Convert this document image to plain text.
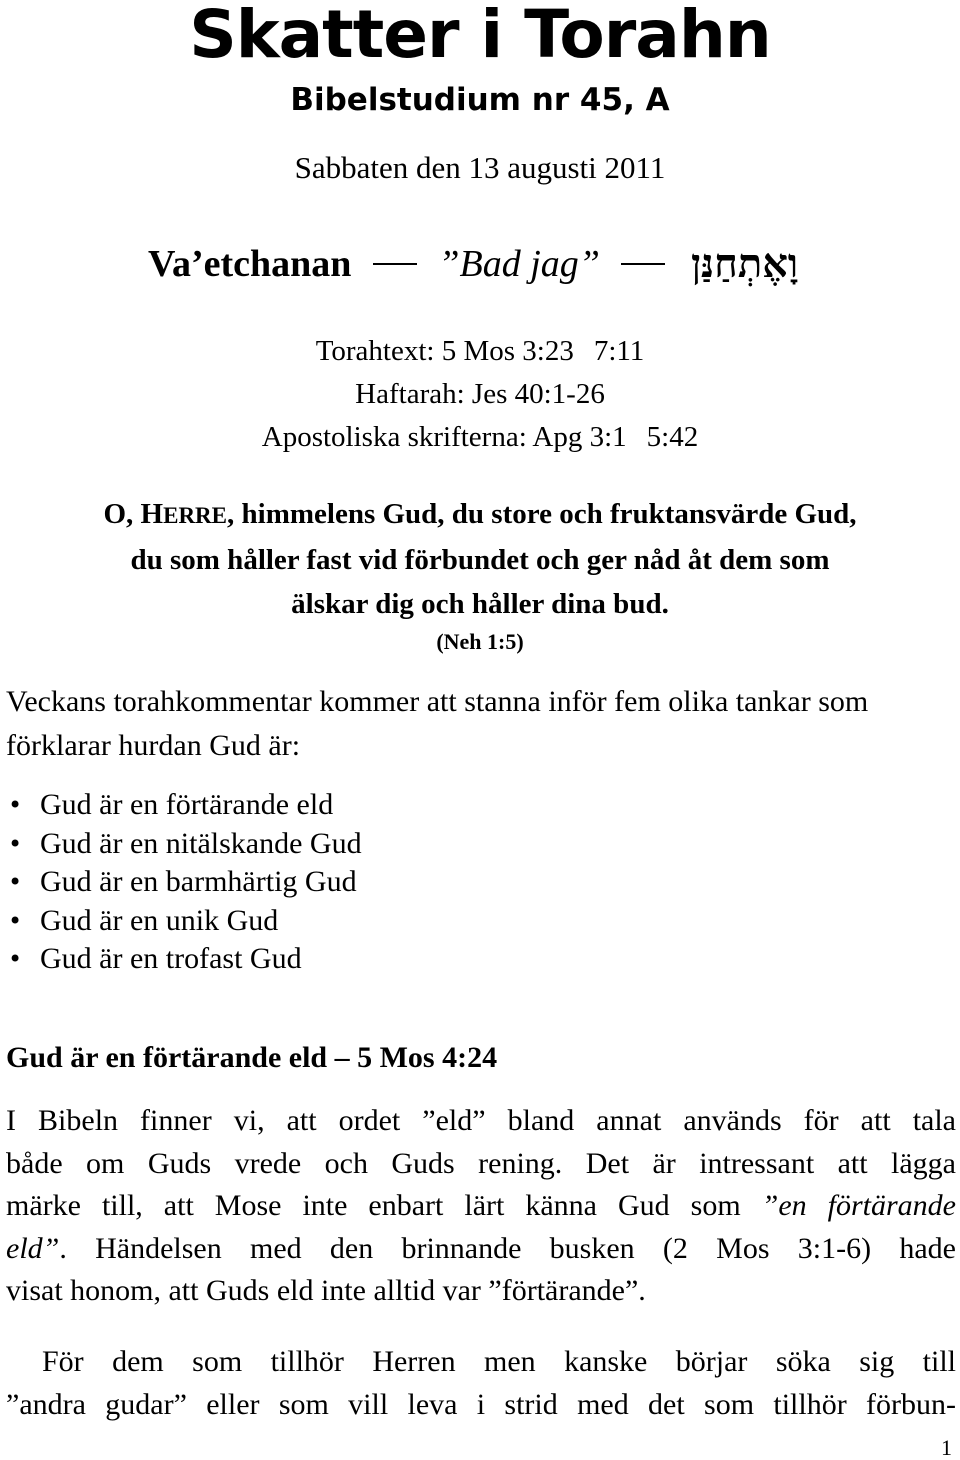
Skatter i Torahn
Bibelstudium nr 45, A
Sabbaten den 13 augusti 2011
Va’etchanan ”Bad jag” וָאֶתְחַנַּן
Torahtext: 5 Mos 3:23 7:11
Haftarah: Jes 40:1-26
Apostoliska skrifterna: Apg 3:1 5:42
O, HERRE, himmelens Gud, du store och fruktansvärde Gud,
du som håller fast vid förbundet och ger nåd åt dem som
älskar dig och håller dina bud.
(Neh 1:5)
Veckans torahkommentar kommer att stanna inför fem olika tankar som förklarar hurdan Gud är:
• Gud är en förtärande eld
• Gud är en nitälskande Gud
• Gud är en barmhärtig Gud
• Gud är en unik Gud
• Gud är en trofast Gud
Gud är en förtärande eld – 5 Mos 4:24
I Bibeln finner vi, att ordet ”eld” bland annat används för att tala
både om Guds vrede och Guds rening. Det är intressant att lägga
märke till, att Mose inte enbart lärt känna Gud som ”en förtärande
eld”. Händelsen med den brinnande busken (2 Mos 3:1-6) hade
visat honom, att Guds eld inte alltid var ”förtärande”.
För dem som tillhör Herren men kanske börjar söka sig till
”andra gudar” eller som vill leva i strid med det som tillhör förbun-
1
